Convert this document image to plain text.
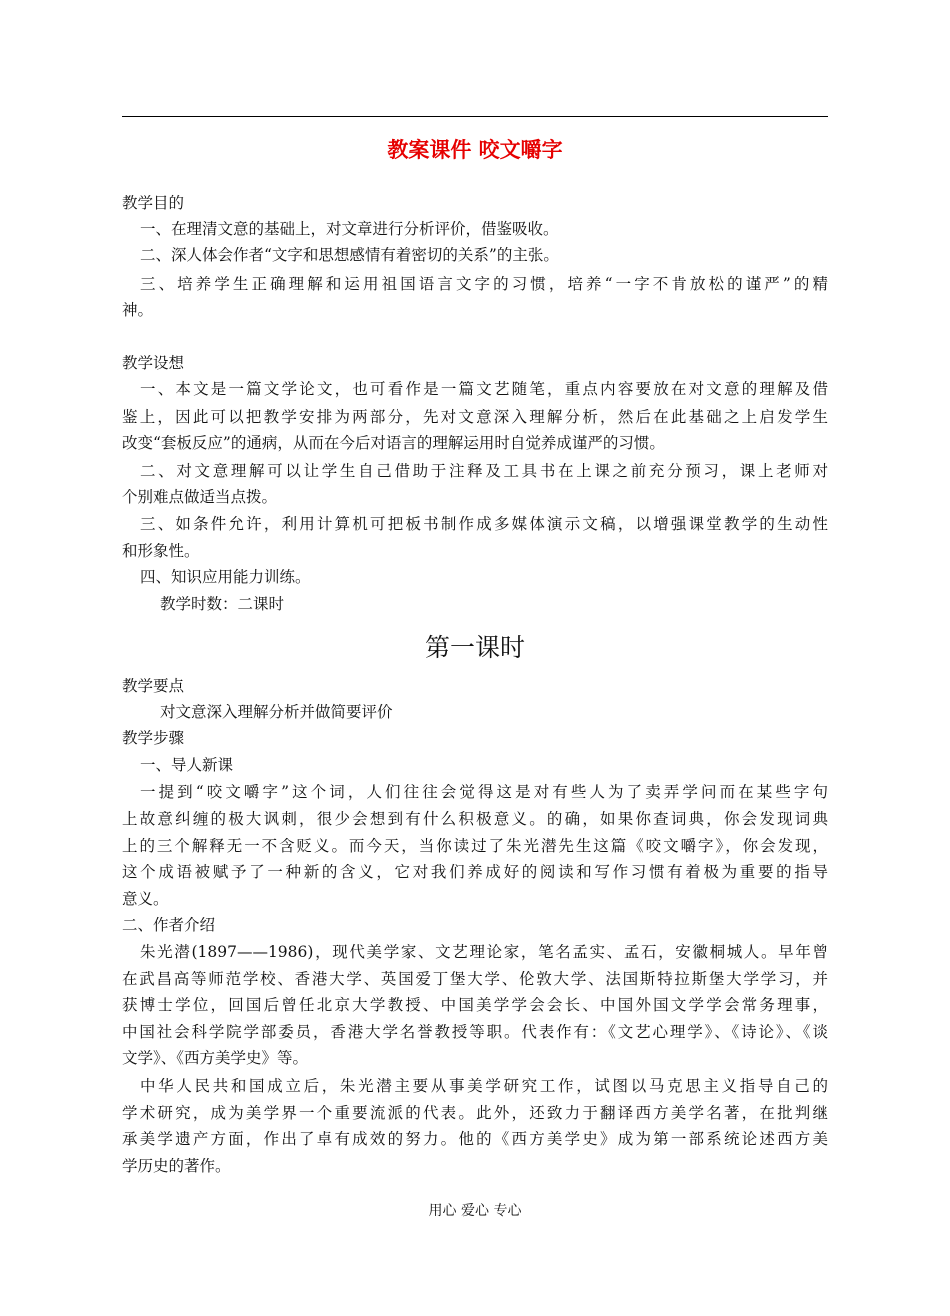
教案课件 咬文嚼字
教学目的
一、在理清文意的基础上，对文章进行分析评价，借鉴吸收。
二、深人体会作者“文字和思想感情有着密切的关系”的主张。
三、培养学生正确理解和运用祖国语言文字的习惯，培养“一字不肯放松的谨严”的精
神。
教学设想
一、本文是一篇文学论文，也可看作是一篇文艺随笔，重点内容要放在对文意的理解及借
鉴上，因此可以把教学安排为两部分，先对文意深入理解分析，然后在此基础之上启发学生
改变“套板反应”的通病，从而在今后对语言的理解运用时自觉养成谨严的习惯。
二、对文意理解可以让学生自己借助于注释及工具书在上课之前充分预习，课上老师对
个别难点做适当点拨。
三、如条件允许，利用计算机可把板书制作成多媒体演示文稿，以增强课堂教学的生动性
和形象性。
四、知识应用能力训练。
教学时数：二课时
教学要点
对文意深入理解分析并做简要评价
教学步骤
一、导人新课
一提到“咬文嚼字”这个词，人们往往会觉得这是对有些人为了卖弄学问而在某些字句
上故意纠缠的极大讽刺，很少会想到有什么积极意义。的确，如果你查词典，你会发现词典
上的三个解释无一不含贬义。而今天，当你读过了朱光潜先生这篇《咬文嚼字》，你会发现，
这个成语被赋予了一种新的含义，它对我们养成好的阅读和写作习惯有着极为重要的指导
意义。
二、作者介绍
朱光潜(1897——1986)，现代美学家、文艺理论家，笔名孟实、孟石，安徽桐城人。早年曾
在武昌高等师范学校、香港大学、英国爱丁堡大学、伦敦大学、法国斯特拉斯堡大学学习，并
获博士学位，回国后曾任北京大学教授、中国美学学会会长、中国外国文学学会常务理事，
中国社会科学院学部委员，香港大学名誉教授等职。代表作有：《文艺心理学》、《诗论》、《谈
文学》、《西方美学史》等。
中华人民共和国成立后，朱光潜主要从事美学研究工作，试图以马克思主义指导自己的
学术研究，成为美学界一个重要流派的代表。此外，还致力于翻译西方美学名著，在批判继
承美学遗产方面，作出了卓有成效的努力。他的《西方美学史》成为第一部系统论述西方美
学历史的著作。
第一课时
用心 爱心 专心
